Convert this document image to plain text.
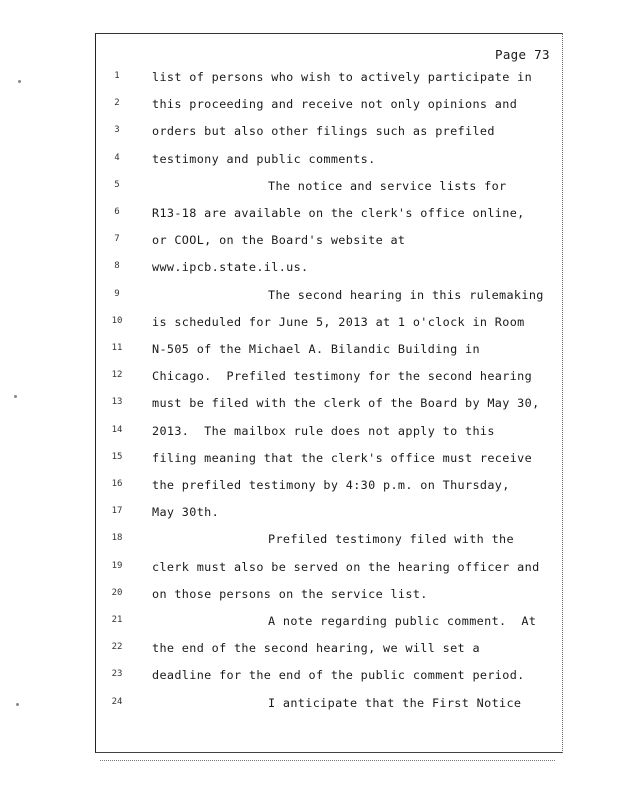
Page 73
1	list of persons who wish to actively participate in
2	this proceeding and receive not only opinions and
3	orders but also other filings such as prefiled
4	testimony and public comments.
5	The notice and service lists for
6	R13-18 are available on the clerk's office online,
7	or COOL, on the Board's website at
8	www.ipcb.state.il.us.
9	The second hearing in this rulemaking
10	is scheduled for June 5, 2013 at 1 o'clock in Room
11	N-505 of the Michael A. Bilandic Building in
12	Chicago.  Prefiled testimony for the second hearing
13	must be filed with the clerk of the Board by May 30,
14	2013.  The mailbox rule does not apply to this
15	filing meaning that the clerk's office must receive
16	the prefiled testimony by 4:30 p.m. on Thursday,
17	May 30th.
18	Prefiled testimony filed with the
19	clerk must also be served on the hearing officer and
20	on those persons on the service list.
21	A note regarding public comment.  At
22	the end of the second hearing, we will set a
23	deadline for the end of the public comment period.
24	I anticipate that the First Notice
